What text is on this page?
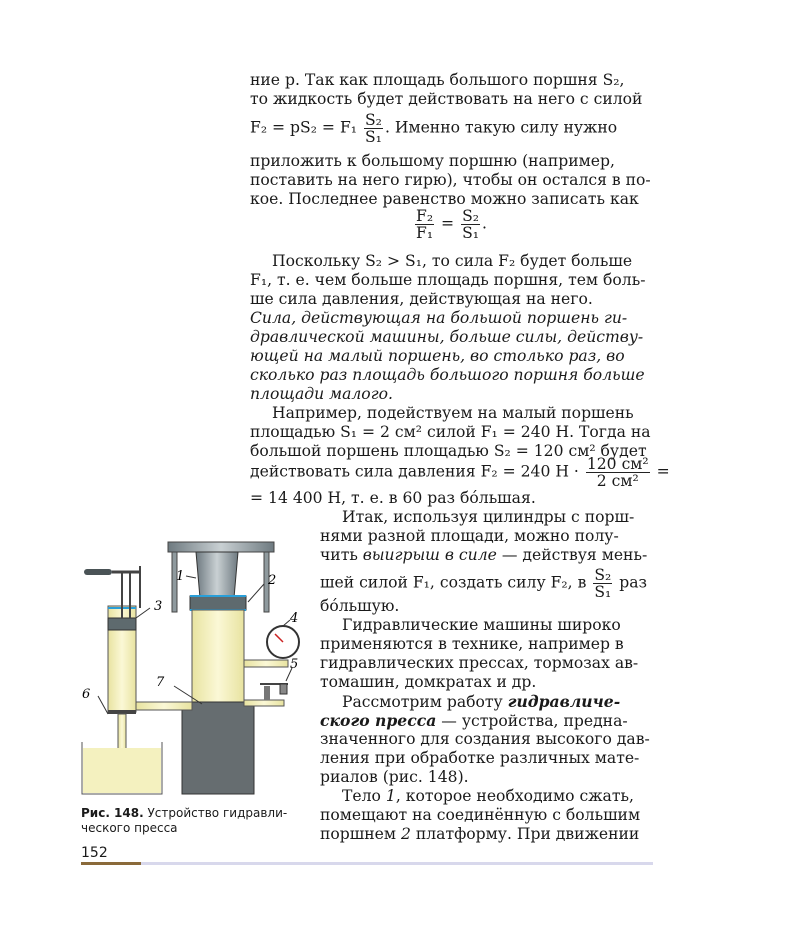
ние p. Так как площадь большого поршня S₂,
то жидкость будет действовать на него с силой
$F_2 = pS_2 = F_1 \frac{\text{S₂}}{\text{S₁}}$ . Именно такую силу нужно
приложить к большому поршню (например,
поставить на него гирю), чтобы он остался в по-
кое. Последнее равенство можно записать как
$\frac{\text{F₂}}{\text{F₁}} = \frac{\text{S₂}}{\text{S₁}}$ .
Поскольку S₂ > S₁, то сила F₂ будет больше
F₁, т. е. чем больше площадь поршня, тем боль-
ше сила давления, действующая на него.
Сила, действующая на большой поршень ги-
дравлической машины, больше силы, действу-
ющей на малый поршень, во столько раз, во
сколько раз площадь большого поршня больше
площади малого.
Например, подействуем на малый поршень
площадью S₁ = 2 см² силой F₁ = 240 Н. Тогда на
большой поршень площадью S₂ = 120 см² будет
действовать сила давления F₂ = 240 $Н \cdot \frac{\text{120 см²}}{\text{2 см²}}$ =
= 14 400 Н, т. е. в 60 раз бóльшая.
Итак, используя цилиндры с порш-
нями разной площади, можно полу-
чить выигрыш в силе — действуя мень-
шей силой F₁, создать силу F₂, в $\frac{\text{S₂}}{\text{S₁}}$ раз
бóльшую.
Гидравлические машины широко
применяются в технике, например в
гидравлических прессах, тормозах ав-
томашин, домкратах и др.
Рассмотрим работу гидравличе-
ского пресса — устройства, предна-
значенного для создания высокого дав-
ления при обработке различных мате-
риалов (рис. 148).
Тело 1, которое необходимо сжать,
помещают на соединённую с большим
поршнем 2 платформу. При движении
1	2
3
4
5
6
7
Рис. 148. Устройство гидравли-
ческого пресса
152
